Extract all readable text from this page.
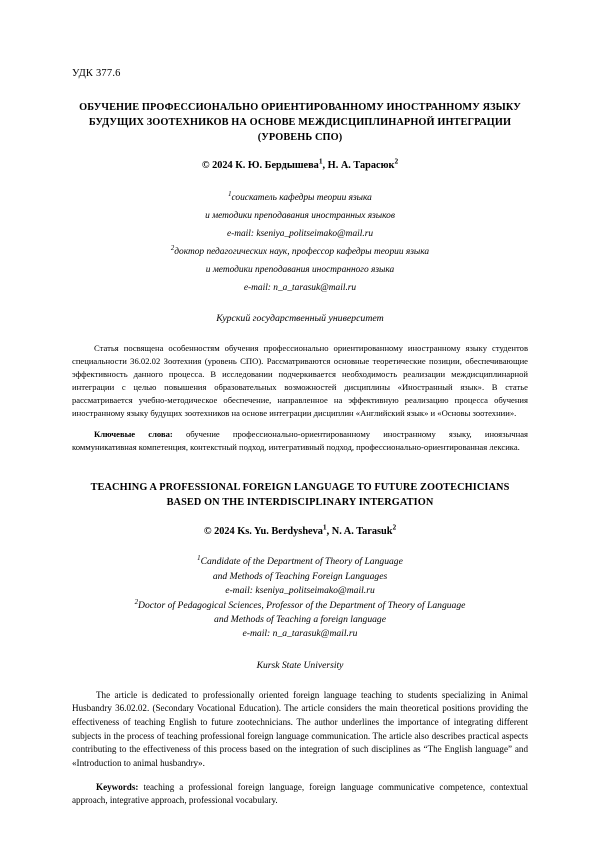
УДК 377.6

ОБУЧЕНИЕ ПРОФЕССИОНАЛЬНО ОРИЕНТИРОВАННОМУ ИНОСТРАННОМУ ЯЗЫКУ БУДУЩИХ ЗООТЕХНИКОВ НА ОСНОВЕ МЕЖДИСЦИПЛИНАРНОЙ ИНТЕГРАЦИИ (УРОВЕНЬ СПО)

© 2024 К. Ю. Бердышева$^1$, Н. А. Тарасюк$^2$

$^1$соискатель кафедры теории языка

и методики преподавания иностранных языков

e-mail: kseniya_politseimako@mail.ru

$^2$доктор педагогических наук, профессор кафедры теории языка

и методики преподавания иностранного языка

e-mail: n_a_tarasuk@mail.ru

Курский государственный университет

Статья посвящена особенностям обучения профессионально ориентированному иностранному языку студентов специальности 36.02.02 Зоотехния (уровень СПО). Рассматриваются основные теоретические позиции, обеспечивающие эффективность данного процесса. В исследовании подчеркивается необходимость реализации междисциплинарной интеграции с целью повышения образовательных возможностей дисциплины «Иностранный язык». В статье рассматривается учебно-методическое обеспечение, направленное на эффективную реализацию процесса обучения иностранному языку будущих зоотехников на основе интеграции дисциплин «Английский язык» и «Основы зоотехнии».

Ключевые слова: обучение профессионально-ориентированному иностранному языку, иноязычная коммуникативная компетенция, контекстный подход, интегративный подход, профессионально-ориентированная лексика.

TEACHING A PROFESSIONAL FOREIGN LANGUAGE TO FUTURE ZOOTECHICIANS BASED ON THE INTERDISCIPLINARY INTERGATION

© 2024 Ks. Yu. Berdysheva$^1$, N. A. Tarasuk$^2$

$^1$Candidate of the Department of Theory of Language

and Methods of Teaching Foreign Languages

e-mail: kseniya_politseimako@mail.ru

$^2$Doctor of Pedagogical Sciences, Professor of the Department of Theory of Language

and Methods of Teaching a foreign language

e-mail: n_a_tarasuk@mail.ru

Kursk State University

The article is dedicated to professionally oriented foreign language teaching to students specializing in Animal Husbandry 36.02.02. (Secondary Vocational Education). The article considers the main theoretical positions providing the effectiveness of teaching English to future zootechnicians. The author underlines the importance of integrating different subjects in the process of teaching professional foreign language communication. The article also describes practical aspects contributing to the effectiveness of this process based on the integration of such disciplines as “The English language” and «Introduction to animal husbandry».

Keywords: teaching a professional foreign language, foreign language communicative competence, contextual approach, integrative approach, professional vocabulary.
